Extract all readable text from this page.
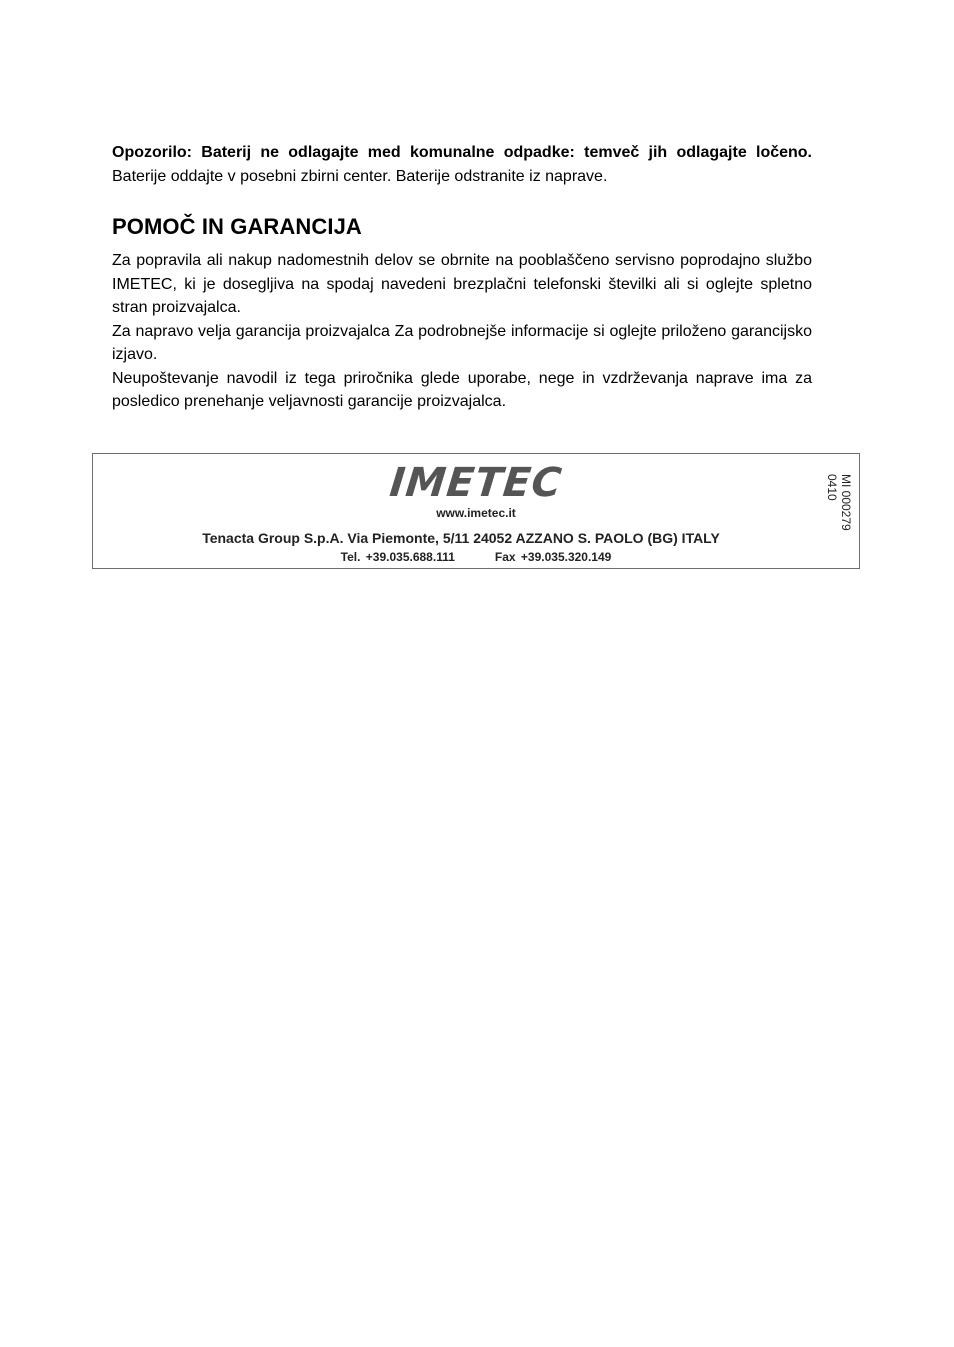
Opozorilo: Baterij ne odlagajte med komunalne odpadke: temveč jih odlagajte ločeno. Baterije oddajte v posebni zbirni center. Baterije odstranite iz naprave.

POMOČ IN GARANCIJA

Za popravila ali nakup nadomestnih delov se obrnite na pooblaščeno servisno poprodajno službo IMETEC, ki je dosegljiva na spodaj navedeni brezplačni telefonski številki ali si oglejte spletno stran proizvajalca.

Za napravo velja garancija proizvajalca Za podrobnejše informacije si oglejte priloženo garancijsko izjavo.

Neupoštevanje navodil iz tega priročnika glede uporabe, nege in vzdrževanja naprave ima za posledico prenehanje veljavnosti garancije proizvajalca.

IMETEC
www.imetec.it
Tenacta Group S.p.A. Via Piemonte, 5/11 24052 AZZANO S. PAOLO (BG) ITALY
Tel. +39.035.688.111	Fax +39.035.320.149
MI 000279
0410
